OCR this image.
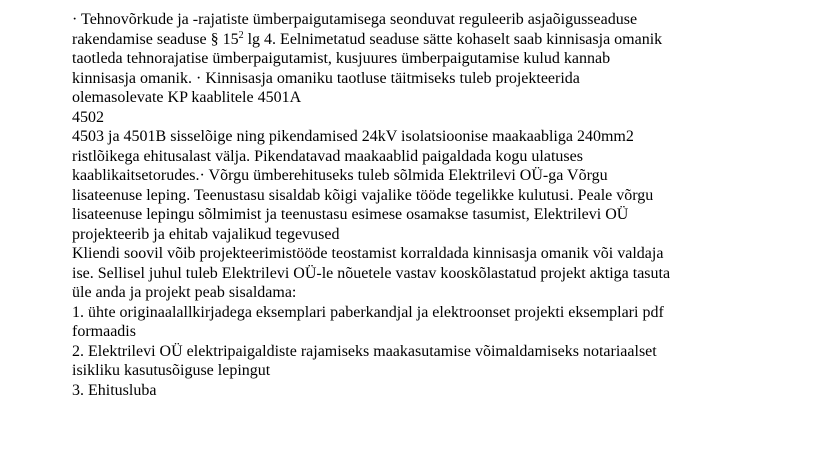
· Tehnovõrkude ja -rajatiste ümberpaigutamisega seonduvat reguleerib asjaõigusseaduse
rakendamise seaduse § $15^2$ lg 4. Eelnimetatud seaduse sätte kohaselt saab kinnisasja omanik
taotleda tehnorajatise ümberpaigutamist, kusjuures ümberpaigutamise kulud kannab
kinnisasja omanik. · Kinnisasja omaniku taotluse täitmiseks tuleb projekteerida
olemasolevate KP kaablitele 4501A
4502
4503 ja 4501B sisselõige ning pikendamised 24kV isolatsioonise maakaabliga 240mm2
ristlõikega ehitusalast välja. Pikendatavad maakaablid paigaldada kogu ulatuses
kaablikaitsetorudes.· Võrgu ümberehituseks tuleb sõlmida Elektrilevi OÜ-ga Võrgu
lisateenuse leping. Teenustasu sisaldab kõigi vajalike tööde tegelikke kulutusi. Peale võrgu
lisateenuse lepingu sõlmimist ja teenustasu esimese osamakse tasumist, Elektrilevi OÜ
projekteerib ja ehitab vajalikud tegevused
Kliendi soovil võib projekteerimistööde teostamist korraldada kinnisasja omanik või valdaja
ise. Sellisel juhul tuleb Elektrilevi OÜ-le nõuetele vastav kooskõlastatud projekt aktiga tasuta
üle anda ja projekt peab sisaldama:
1. ühte originaalallkirjadega eksemplari paberkandjal ja elektroonset projekti eksemplari pdf
formaadis
2. Elektrilevi OÜ elektripaigaldiste rajamiseks maakasutamise võimaldamiseks notariaalset
isikliku kasutusõiguse lepingut
3. Ehitusluba
